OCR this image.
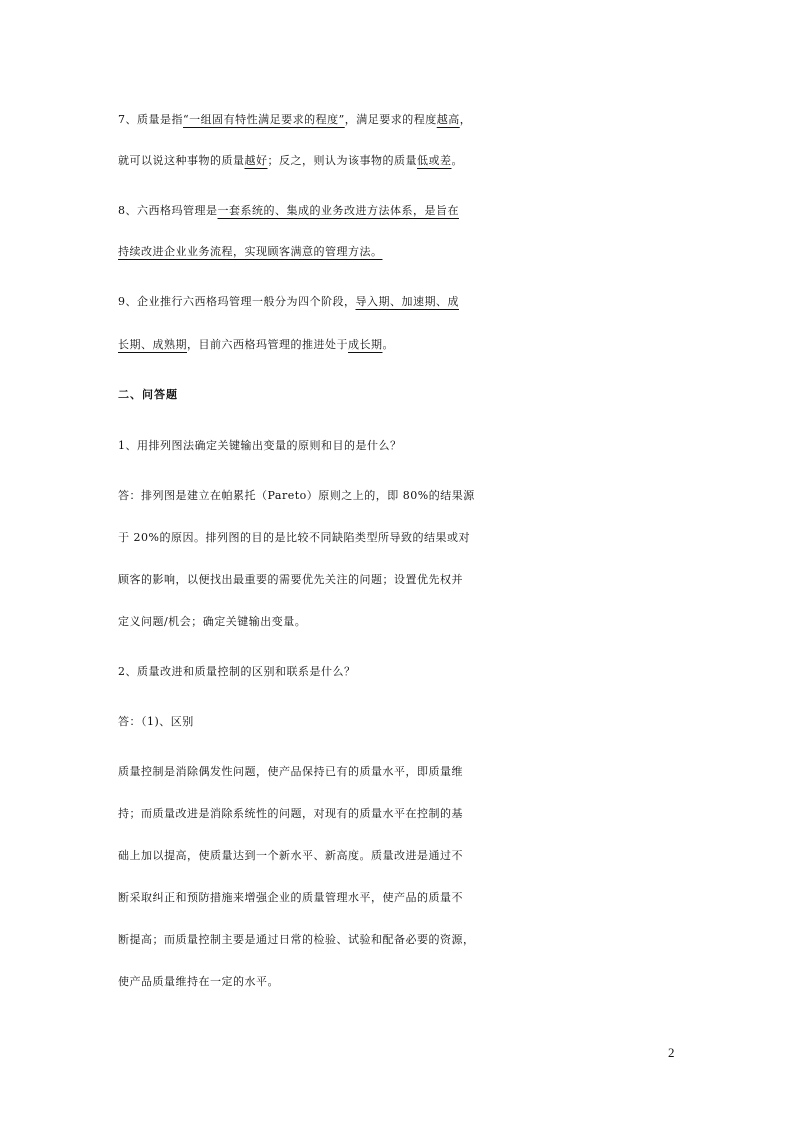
7、质量是指“一组固有特性满足要求的程度”，满足要求的程度越高，
就可以说这种事物的质量越好；反之，则认为该事物的质量低或差。
8、六西格玛管理是一套系统的、集成的业务改进方法体系，是旨在
持续改进企业业务流程，实现顾客满意的管理方法。
9、企业推行六西格玛管理一般分为四个阶段，导入期、加速期、成
长期、成熟期，目前六西格玛管理的推进处于成长期。
二、问答题
1、用排列图法确定关键输出变量的原则和目的是什么？
答：排列图是建立在帕累托（Pareto）原则之上的，即 80%的结果源
于 20%的原因。排列图的目的是比较不同缺陷类型所导致的结果或对
顾客的影响，以便找出最重要的需要优先关注的问题；设置优先权并
定义问题/机会；确定关键输出变量。
2、质量改进和质量控制的区别和联系是什么？
答：（1)、区别
质量控制是消除偶发性问题，使产品保持已有的质量水平，即质量维
持；而质量改进是消除系统性的问题，对现有的质量水平在控制的基
础上加以提高，使质量达到一个新水平、新高度。质量改进是通过不
断采取纠正和预防措施来增强企业的质量管理水平，使产品的质量不
断提高；而质量控制主要是通过日常的检验、试验和配备必要的资源，
使产品质量维持在一定的水平。
2
